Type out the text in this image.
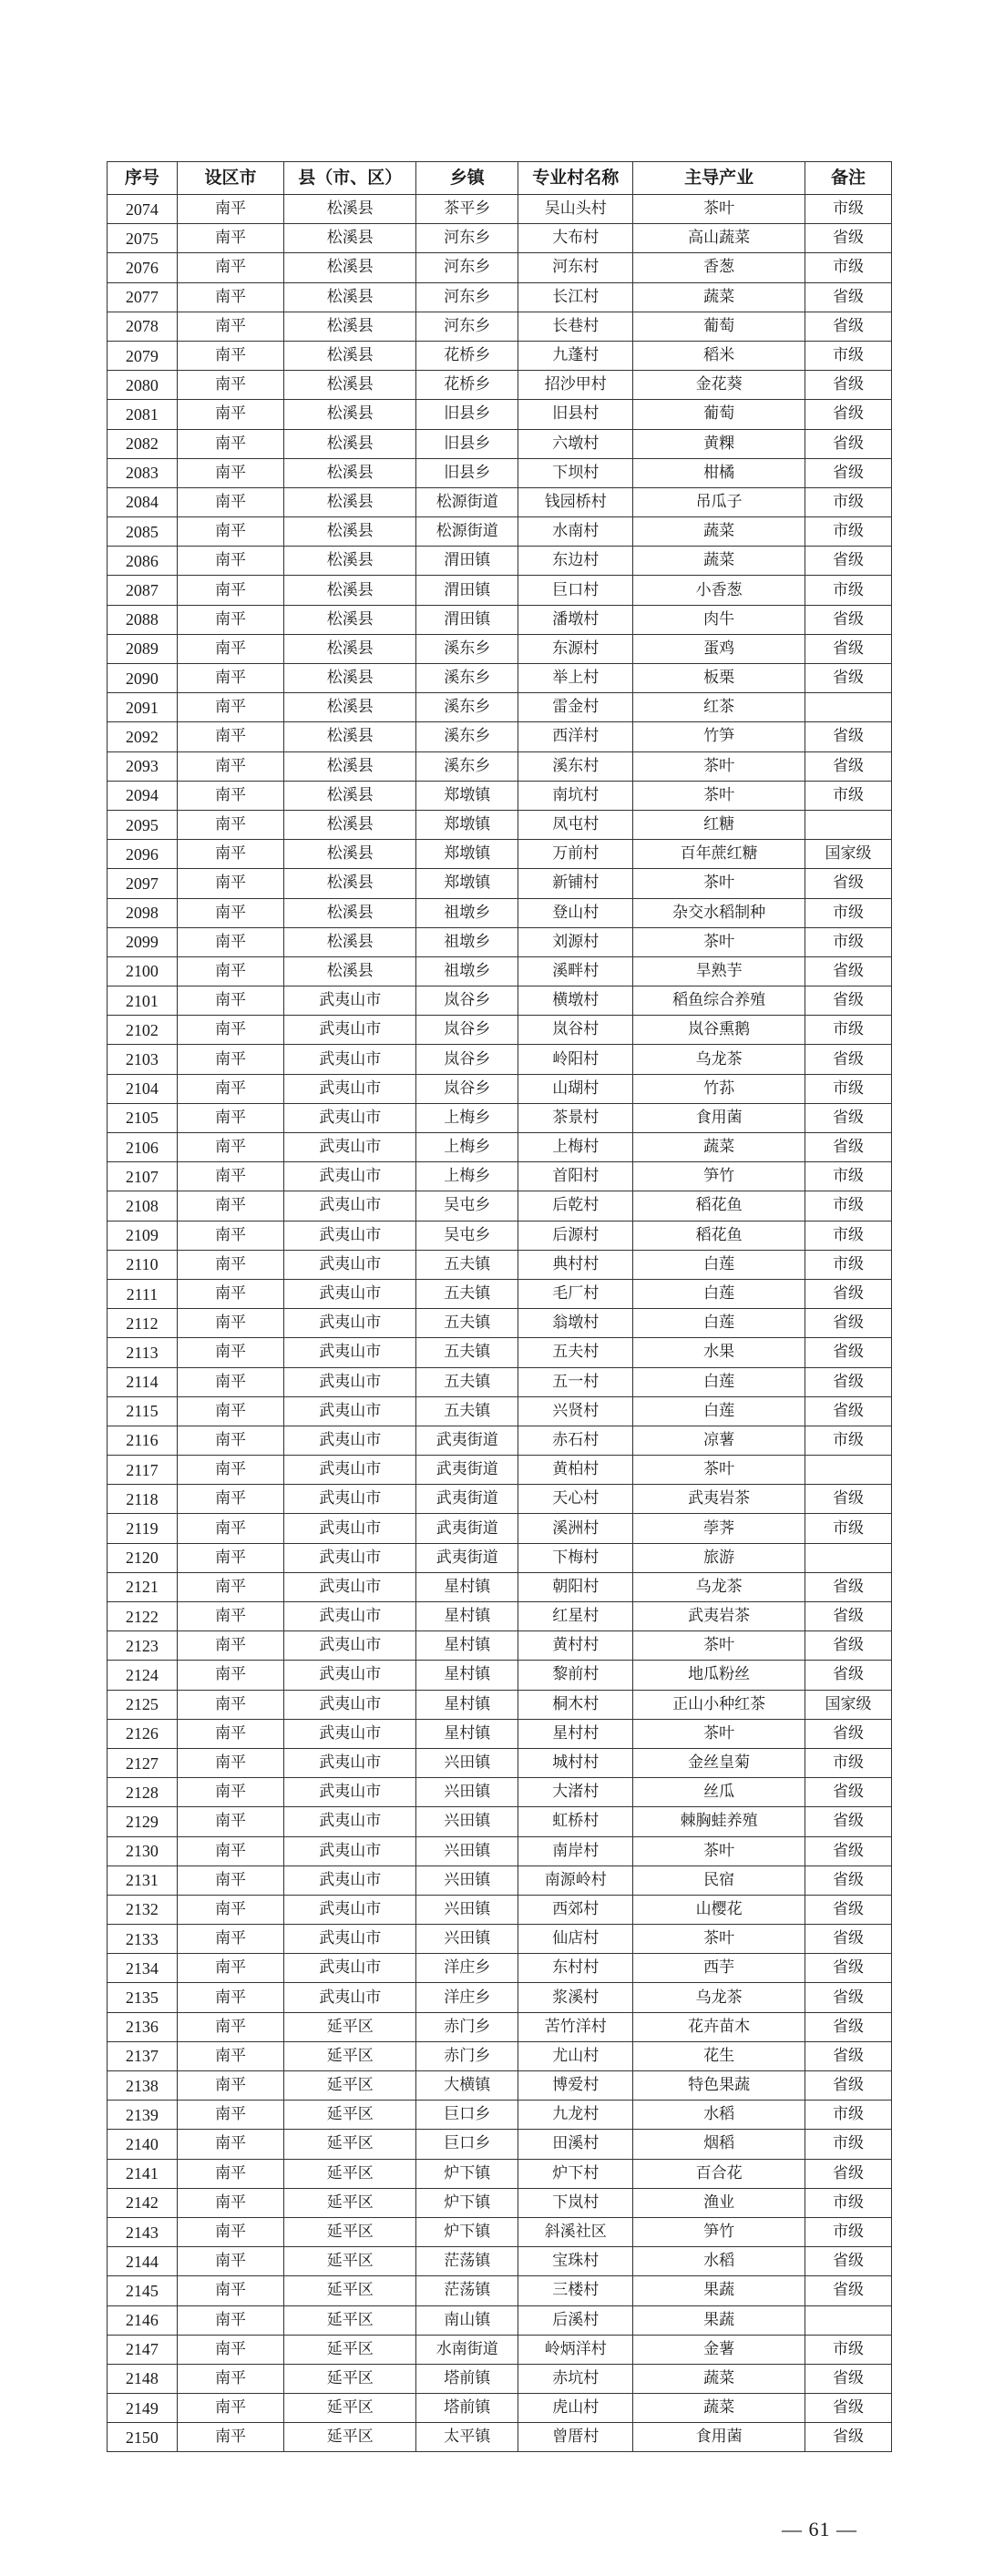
序号	设区市	县（市、区）	乡镇	专业村名称	主导产业	备注
2074	南平	松溪县	茶平乡	吴山头村	茶叶	市级
2075	南平	松溪县	河东乡	大布村	高山蔬菜	省级
2076	南平	松溪县	河东乡	河东村	香葱	市级
2077	南平	松溪县	河东乡	长江村	蔬菜	省级
2078	南平	松溪县	河东乡	长巷村	葡萄	省级
2079	南平	松溪县	花桥乡	九蓬村	稻米	市级
2080	南平	松溪县	花桥乡	招沙甲村	金花葵	省级
2081	南平	松溪县	旧县乡	旧县村	葡萄	省级
2082	南平	松溪县	旧县乡	六墩村	黄粿	省级
2083	南平	松溪县	旧县乡	下坝村	柑橘	省级
2084	南平	松溪县	松源街道	钱园桥村	吊瓜子	市级
2085	南平	松溪县	松源街道	水南村	蔬菜	市级
2086	南平	松溪县	渭田镇	东边村	蔬菜	省级
2087	南平	松溪县	渭田镇	巨口村	小香葱	市级
2088	南平	松溪县	渭田镇	潘墩村	肉牛	省级
2089	南平	松溪县	溪东乡	东源村	蛋鸡	省级
2090	南平	松溪县	溪东乡	举上村	板栗	省级
2091	南平	松溪县	溪东乡	雷金村	红茶	
2092	南平	松溪县	溪东乡	西洋村	竹笋	省级
2093	南平	松溪县	溪东乡	溪东村	茶叶	省级
2094	南平	松溪县	郑墩镇	南坑村	茶叶	市级
2095	南平	松溪县	郑墩镇	凤屯村	红糖	
2096	南平	松溪县	郑墩镇	万前村	百年蔗红糖	国家级
2097	南平	松溪县	郑墩镇	新铺村	茶叶	省级
2098	南平	松溪县	祖墩乡	登山村	杂交水稻制种	市级
2099	南平	松溪县	祖墩乡	刘源村	茶叶	市级
2100	南平	松溪县	祖墩乡	溪畔村	旱熟芋	省级
2101	南平	武夷山市	岚谷乡	横墩村	稻鱼综合养殖	省级
2102	南平	武夷山市	岚谷乡	岚谷村	岚谷熏鹅	市级
2103	南平	武夷山市	岚谷乡	岭阳村	乌龙茶	省级
2104	南平	武夷山市	岚谷乡	山瑚村	竹荪	市级
2105	南平	武夷山市	上梅乡	茶景村	食用菌	省级
2106	南平	武夷山市	上梅乡	上梅村	蔬菜	省级
2107	南平	武夷山市	上梅乡	首阳村	笋竹	市级
2108	南平	武夷山市	吴屯乡	后乾村	稻花鱼	市级
2109	南平	武夷山市	吴屯乡	后源村	稻花鱼	市级
2110	南平	武夷山市	五夫镇	典村村	白莲	市级
2111	南平	武夷山市	五夫镇	毛厂村	白莲	省级
2112	南平	武夷山市	五夫镇	翁墩村	白莲	省级
2113	南平	武夷山市	五夫镇	五夫村	水果	省级
2114	南平	武夷山市	五夫镇	五一村	白莲	省级
2115	南平	武夷山市	五夫镇	兴贤村	白莲	省级
2116	南平	武夷山市	武夷街道	赤石村	凉薯	市级
2117	南平	武夷山市	武夷街道	黄柏村	茶叶	
2118	南平	武夷山市	武夷街道	天心村	武夷岩茶	省级
2119	南平	武夷山市	武夷街道	溪洲村	荸荠	市级
2120	南平	武夷山市	武夷街道	下梅村	旅游	
2121	南平	武夷山市	星村镇	朝阳村	乌龙茶	省级
2122	南平	武夷山市	星村镇	红星村	武夷岩茶	省级
2123	南平	武夷山市	星村镇	黄村村	茶叶	省级
2124	南平	武夷山市	星村镇	黎前村	地瓜粉丝	省级
2125	南平	武夷山市	星村镇	桐木村	正山小种红茶	国家级
2126	南平	武夷山市	星村镇	星村村	茶叶	省级
2127	南平	武夷山市	兴田镇	城村村	金丝皇菊	市级
2128	南平	武夷山市	兴田镇	大渚村	丝瓜	省级
2129	南平	武夷山市	兴田镇	虹桥村	棘胸蛙养殖	省级
2130	南平	武夷山市	兴田镇	南岸村	茶叶	省级
2131	南平	武夷山市	兴田镇	南源岭村	民宿	省级
2132	南平	武夷山市	兴田镇	西郊村	山樱花	省级
2133	南平	武夷山市	兴田镇	仙店村	茶叶	省级
2134	南平	武夷山市	洋庄乡	东村村	西芋	省级
2135	南平	武夷山市	洋庄乡	浆溪村	乌龙茶	省级
2136	南平	延平区	赤门乡	苦竹洋村	花卉苗木	省级
2137	南平	延平区	赤门乡	尤山村	花生	省级
2138	南平	延平区	大横镇	博爱村	特色果蔬	省级
2139	南平	延平区	巨口乡	九龙村	水稻	市级
2140	南平	延平区	巨口乡	田溪村	烟稻	市级
2141	南平	延平区	炉下镇	炉下村	百合花	省级
2142	南平	延平区	炉下镇	下岚村	渔业	市级
2143	南平	延平区	炉下镇	斜溪社区	笋竹	市级
2144	南平	延平区	茫荡镇	宝珠村	水稻	省级
2145	南平	延平区	茫荡镇	三楼村	果蔬	省级
2146	南平	延平区	南山镇	后溪村	果蔬	
2147	南平	延平区	水南街道	岭炳洋村	金薯	市级
2148	南平	延平区	塔前镇	赤坑村	蔬菜	省级
2149	南平	延平区	塔前镇	虎山村	蔬菜	省级
2150	南平	延平区	太平镇	曾厝村	食用菌	省级
— 61 —
